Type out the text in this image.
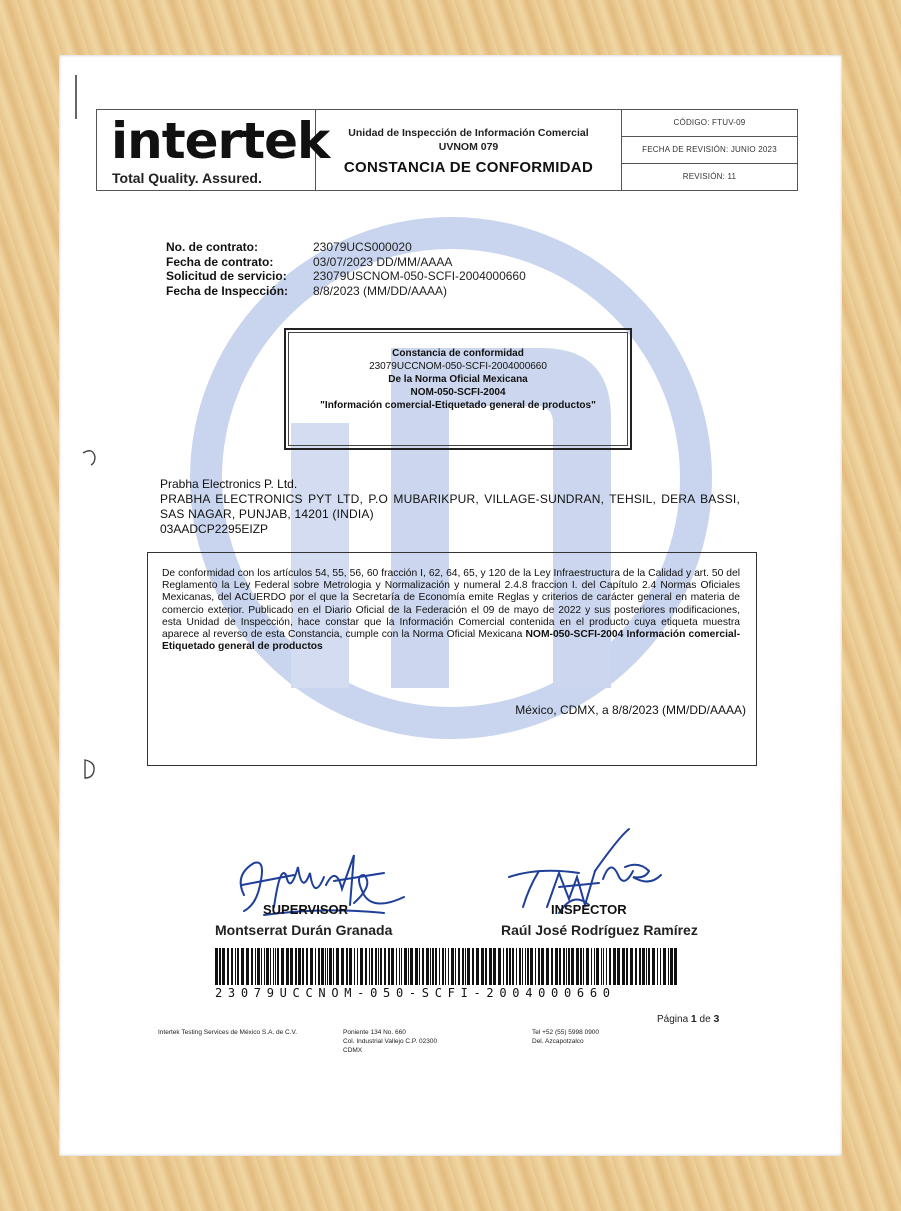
intertek
Total Quality. Assured.
Unidad de Inspección de Información Comercial
UVNOM 079
CONSTANCIA DE CONFORMIDAD
CÓDIGO: FTUV-09
FECHA DE REVISIÓN: JUNIO 2023
REVISIÓN: 11
No. de contrato:	23079UCS000020
Fecha de contrato:	03/07/2023 DD/MM/AAAA
Solicitud de servicio:	23079USCNOM-050-SCFI-2004000660
Fecha de Inspección:	8/8/2023 (MM/DD/AAAA)
Constancia de conformidad
23079UCCNOM-050-SCFI-2004000660
De la Norma Oficial Mexicana
NOM-050-SCFI-2004
"Información comercial-Etiquetado general de productos"
Prabha Electronics P. Ltd.
PRABHA ELECTRONICS PYT LTD, P.O MUBARIKPUR, VILLAGE-SUNDRAN, TEHSIL, DERA BASSI, SAS NAGAR, PUNJAB, 14201 (INDIA)
03AADCP2295EIZP
De conformidad con los artículos 54, 55, 56, 60 fracción I, 62, 64, 65, y 120 de la Ley Infraestructura de la Calidad y art. 50 del Reglamento la Ley Federal sobre Metrologia y Normalización y numeral 2.4.8 fraccion I. del Capítulo 2.4 Normas Oficiales Mexicanas, del ACUERDO por el que la Secretaría de Economía emite Reglas y criterios de carácter general en materia de comercio exterior. Publicado en el Diario Oficial de la Federación el 09 de mayo de 2022 y sus posteriores modificaciones, esta Unidad de Inspección, hace constar que la Información Comercial contenida en el producto cuya etiqueta muestra aparece al reverso de esta Constancia, cumple con la Norma Oficial Mexicana NOM-050-SCFI-2004 Información comercial-Etiquetado general de productos
México, CDMX, a 8/8/2023 (MM/DD/AAAA)
SUPERVISOR
Montserrat Durán Granada
INSPECTOR
Raúl José Rodríguez Ramírez
23079UCCNOM-050-SCFI-2004000660
Página 1 de 3
Intertek Testing Services de México S.A. de C.V.	Poniente 134 No. 660
Col. Industrial Vallejo C.P. 02300
CDMX
Tel +52 (55) 5998 0900
Del. Azcapotzalco
